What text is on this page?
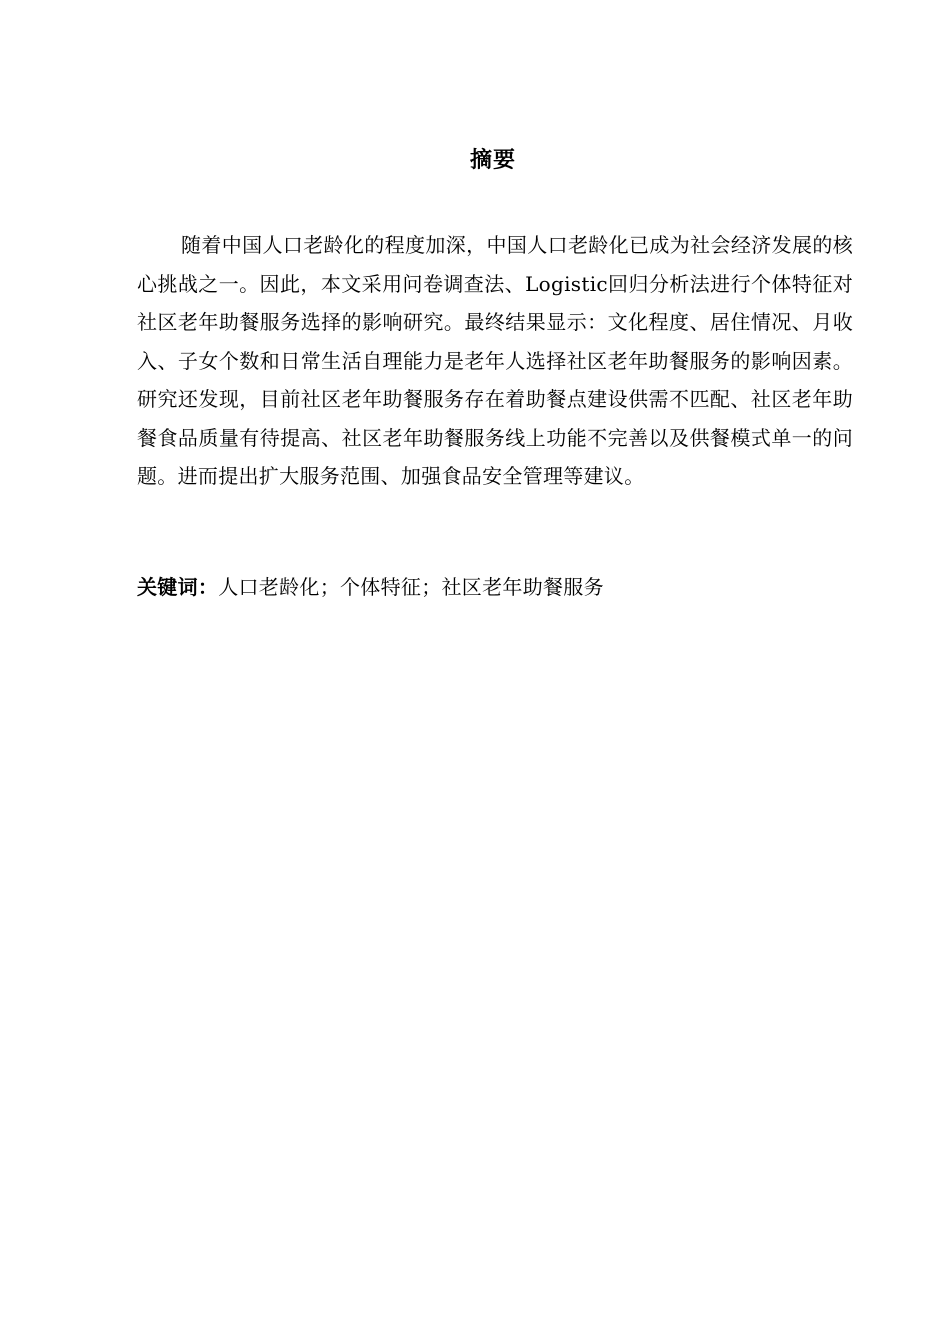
摘要

随着中国人口老龄化的程度加深，中国人口老龄化已成为社会经济发展的核心挑战之一。因此，本文采用问卷调查法、Logistic回归分析法进行个体特征对社区老年助餐服务选择的影响研究。最终结果显示：文化程度、居住情况、月收入、子女个数和日常生活自理能力是老年人选择社区老年助餐服务的影响因素。研究还发现，目前社区老年助餐服务存在着助餐点建设供需不匹配、社区老年助餐食品质量有待提高、社区老年助餐服务线上功能不完善以及供餐模式单一的问题。进而提出扩大服务范围、加强食品安全管理等建议。

关键词：人口老龄化；个体特征；社区老年助餐服务
